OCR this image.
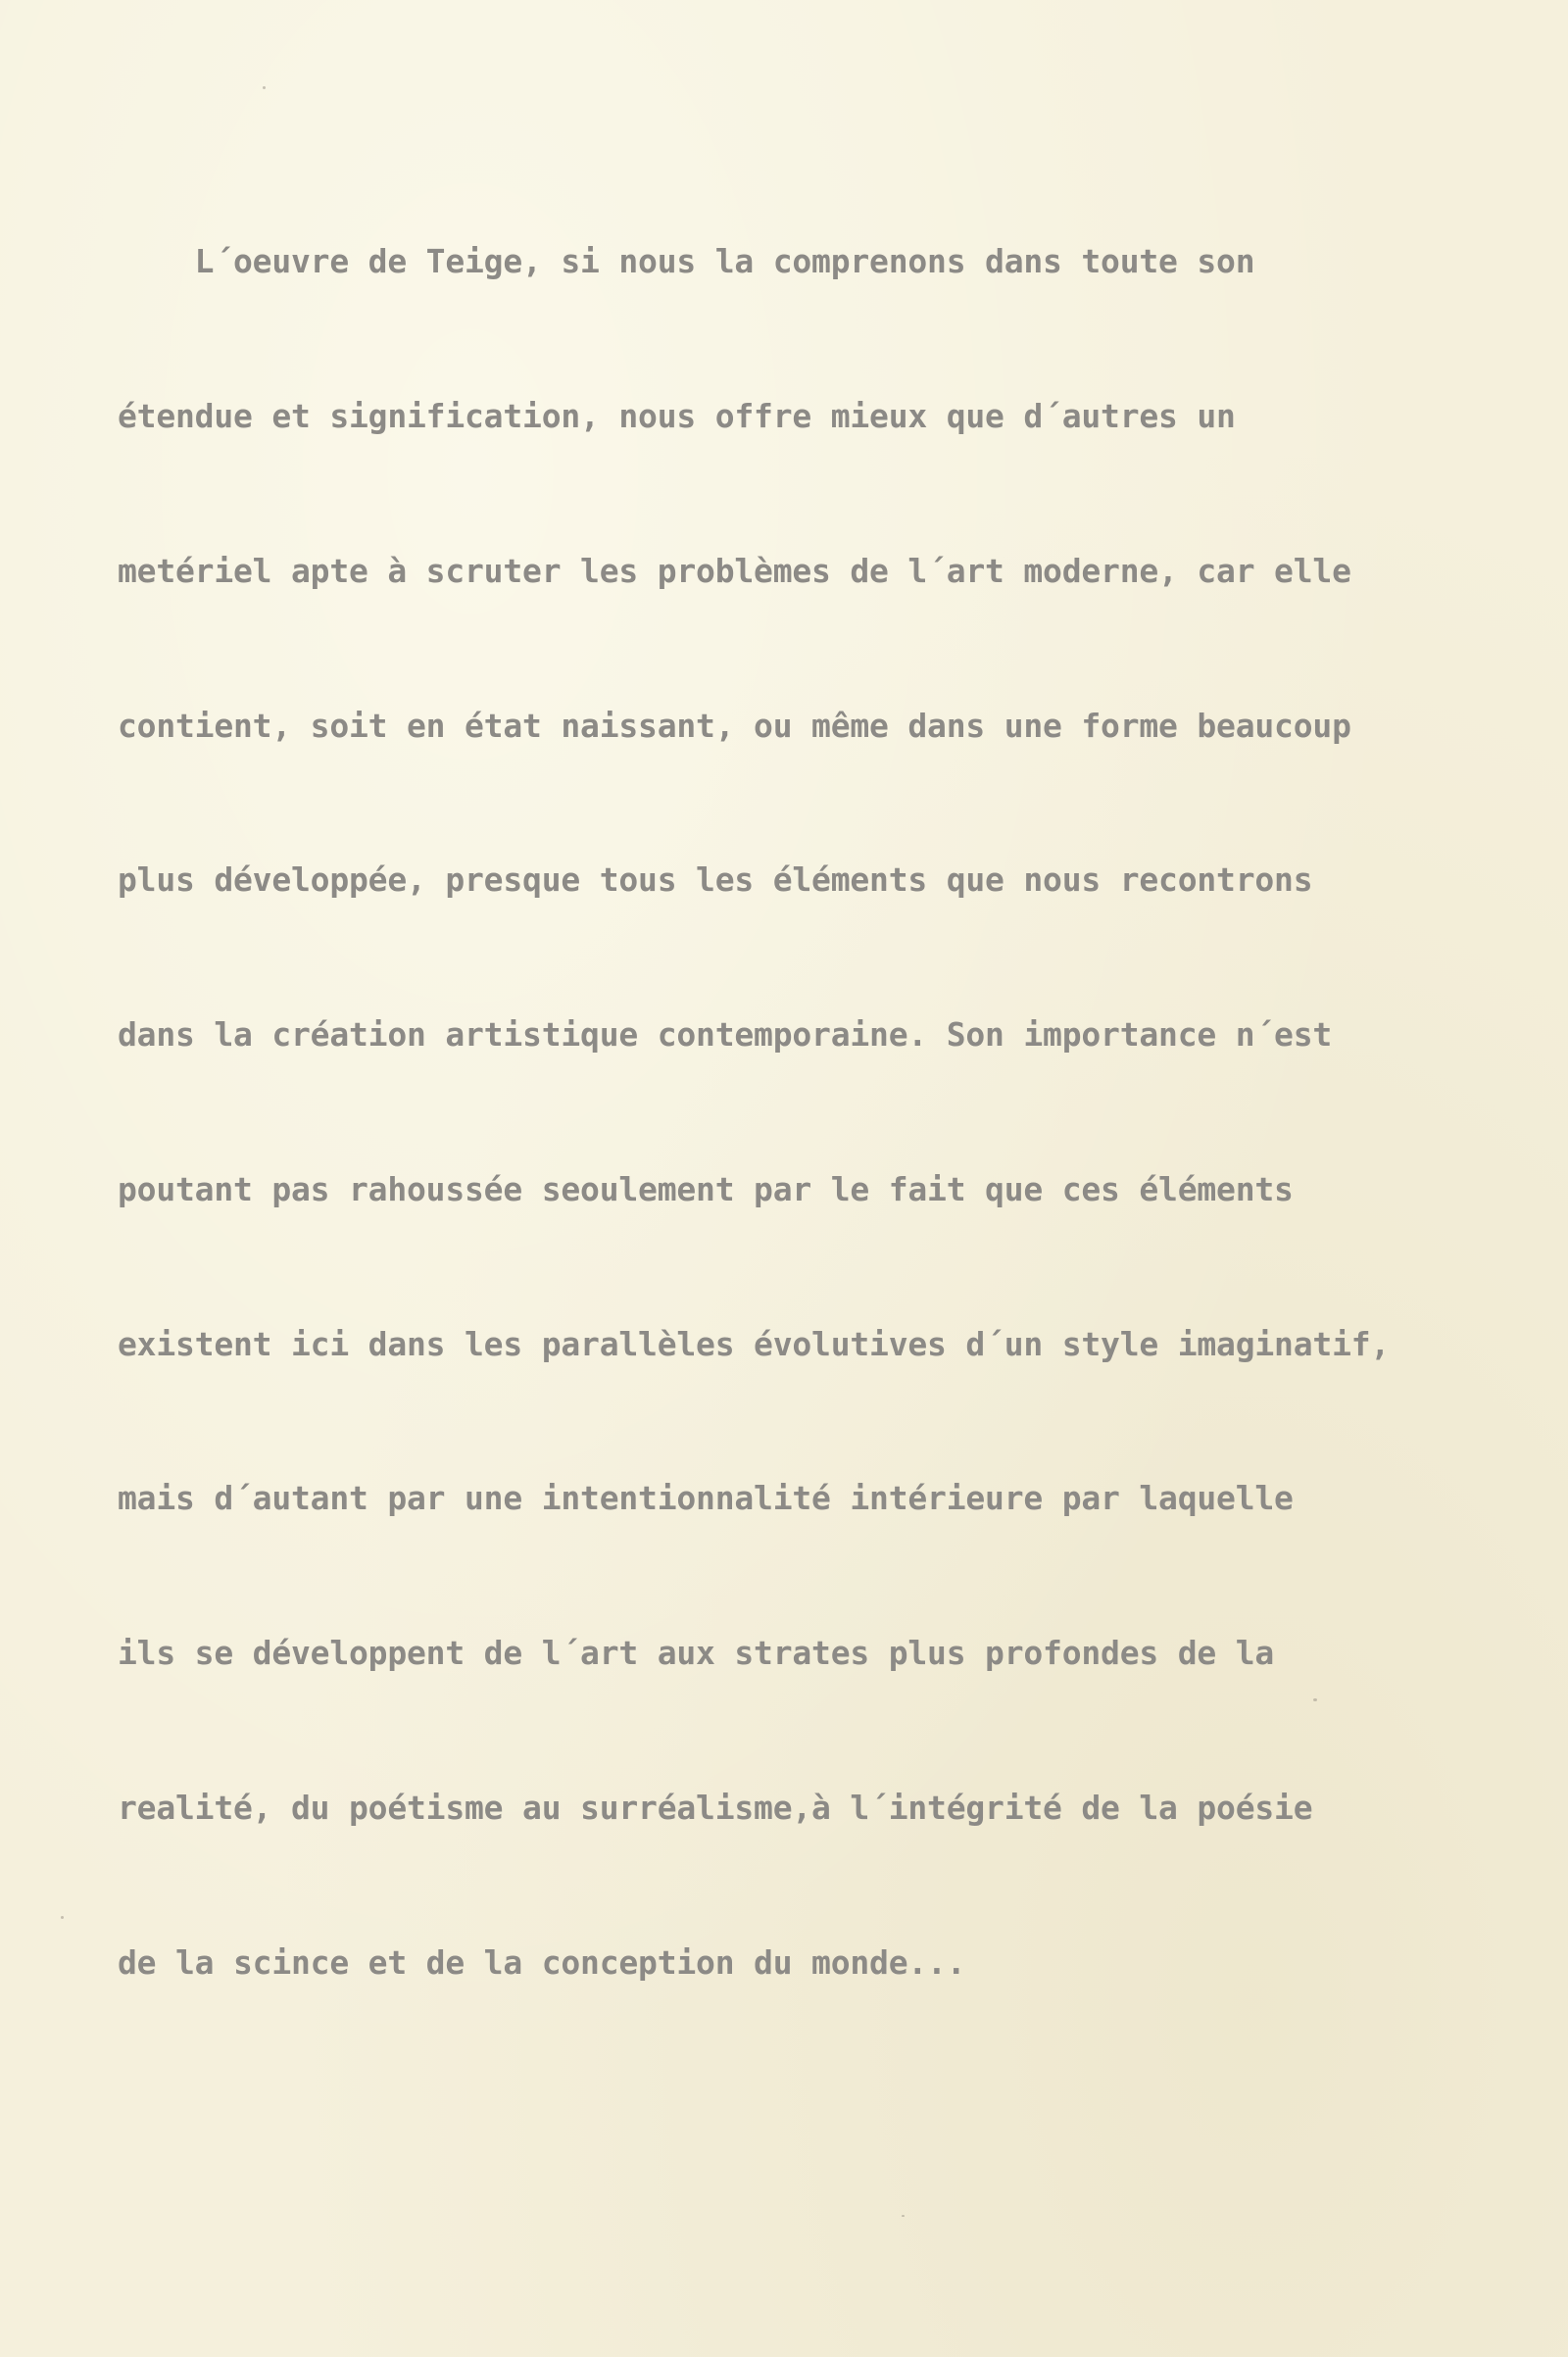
L´oeuvre de Teige, si nous la comprenons dans toute son

étendue et signification, nous offre mieux que d´autres un

metériel apte à scruter les problèmes de l´art moderne, car elle

contient, soit en état naissant, ou même dans une forme beaucoup

plus développée, presque tous les éléments que nous recontrons

dans la création artistique contemporaine. Son importance n´est

poutant pas rahoussée seoulement par le fait que ces éléments

existent ici dans les parallèles évolutives d´un style imaginatif,

mais d´autant par une intentionnalité intérieure par laquelle

ils se développent de l´art aux strates plus profondes de la

realité, du poétisme au surréalisme,à l´intégrité de la poésie

de la scince et de la conception du monde...
